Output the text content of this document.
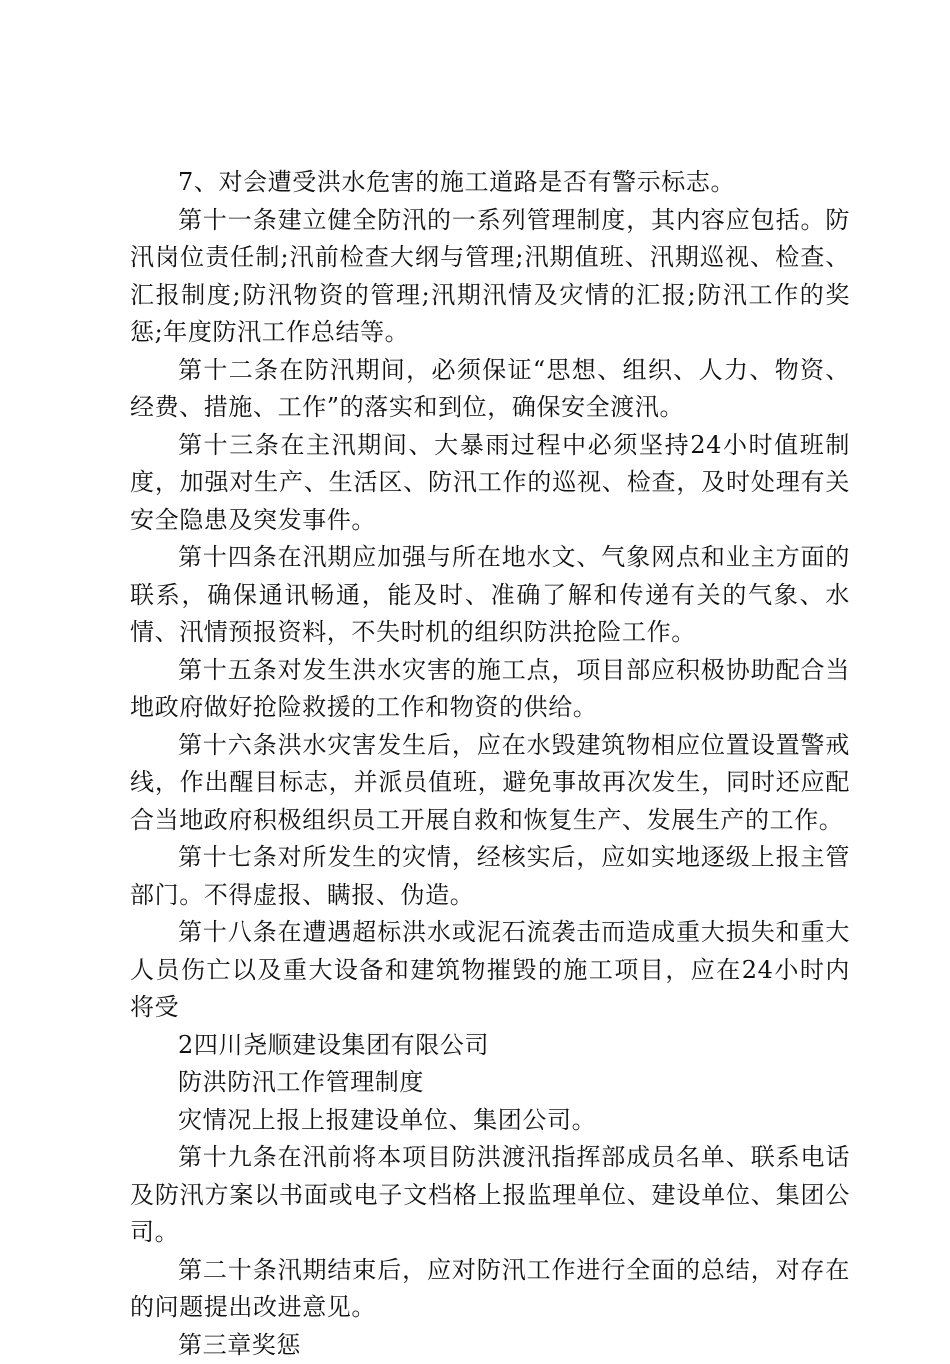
7、对会遭受洪水危害的施工道路是否有警示标志。

第十一条建立健全防汛的一系列管理制度，其内容应包括。防汛岗位责任制;汛前检查大纲与管理;汛期值班、汛期巡视、检查、汇报制度;防汛物资的管理;汛期汛情及灾情的汇报;防汛工作的奖惩;年度防汛工作总结等。

第十二条在防汛期间，必须保证“思想、组织、人力、物资、经费、措施、工作”的落实和到位，确保安全渡汛。

第十三条在主汛期间、大暴雨过程中必须坚持24小时值班制度，加强对生产、生活区、防汛工作的巡视、检查，及时处理有关安全隐患及突发事件。

第十四条在汛期应加强与所在地水文、气象网点和业主方面的联系，确保通讯畅通，能及时、准确了解和传递有关的气象、水情、汛情预报资料，不失时机的组织防洪抢险工作。

第十五条对发生洪水灾害的施工点，项目部应积极协助配合当地政府做好抢险救援的工作和物资的供给。

第十六条洪水灾害发生后，应在水毁建筑物相应位置设置警戒线，作出醒目标志，并派员值班，避免事故再次发生，同时还应配合当地政府积极组织员工开展自救和恢复生产、发展生产的工作。

第十七条对所发生的灾情，经核实后，应如实地逐级上报主管部门。不得虚报、瞒报、伪造。

第十八条在遭遇超标洪水或泥石流袭击而造成重大损失和重大人员伤亡以及重大设备和建筑物摧毁的施工项目，应在24小时内将受

2四川尧顺建设集团有限公司

防洪防汛工作管理制度

灾情况上报上报建设单位、集团公司。

第十九条在汛前将本项目防洪渡汛指挥部成员名单、联系电话及防汛方案以书面或电子文档格上报监理单位、建设单位、集团公司。

第二十条汛期结束后，应对防汛工作进行全面的总结，对存在的问题提出改进意见。

第三章奖惩
